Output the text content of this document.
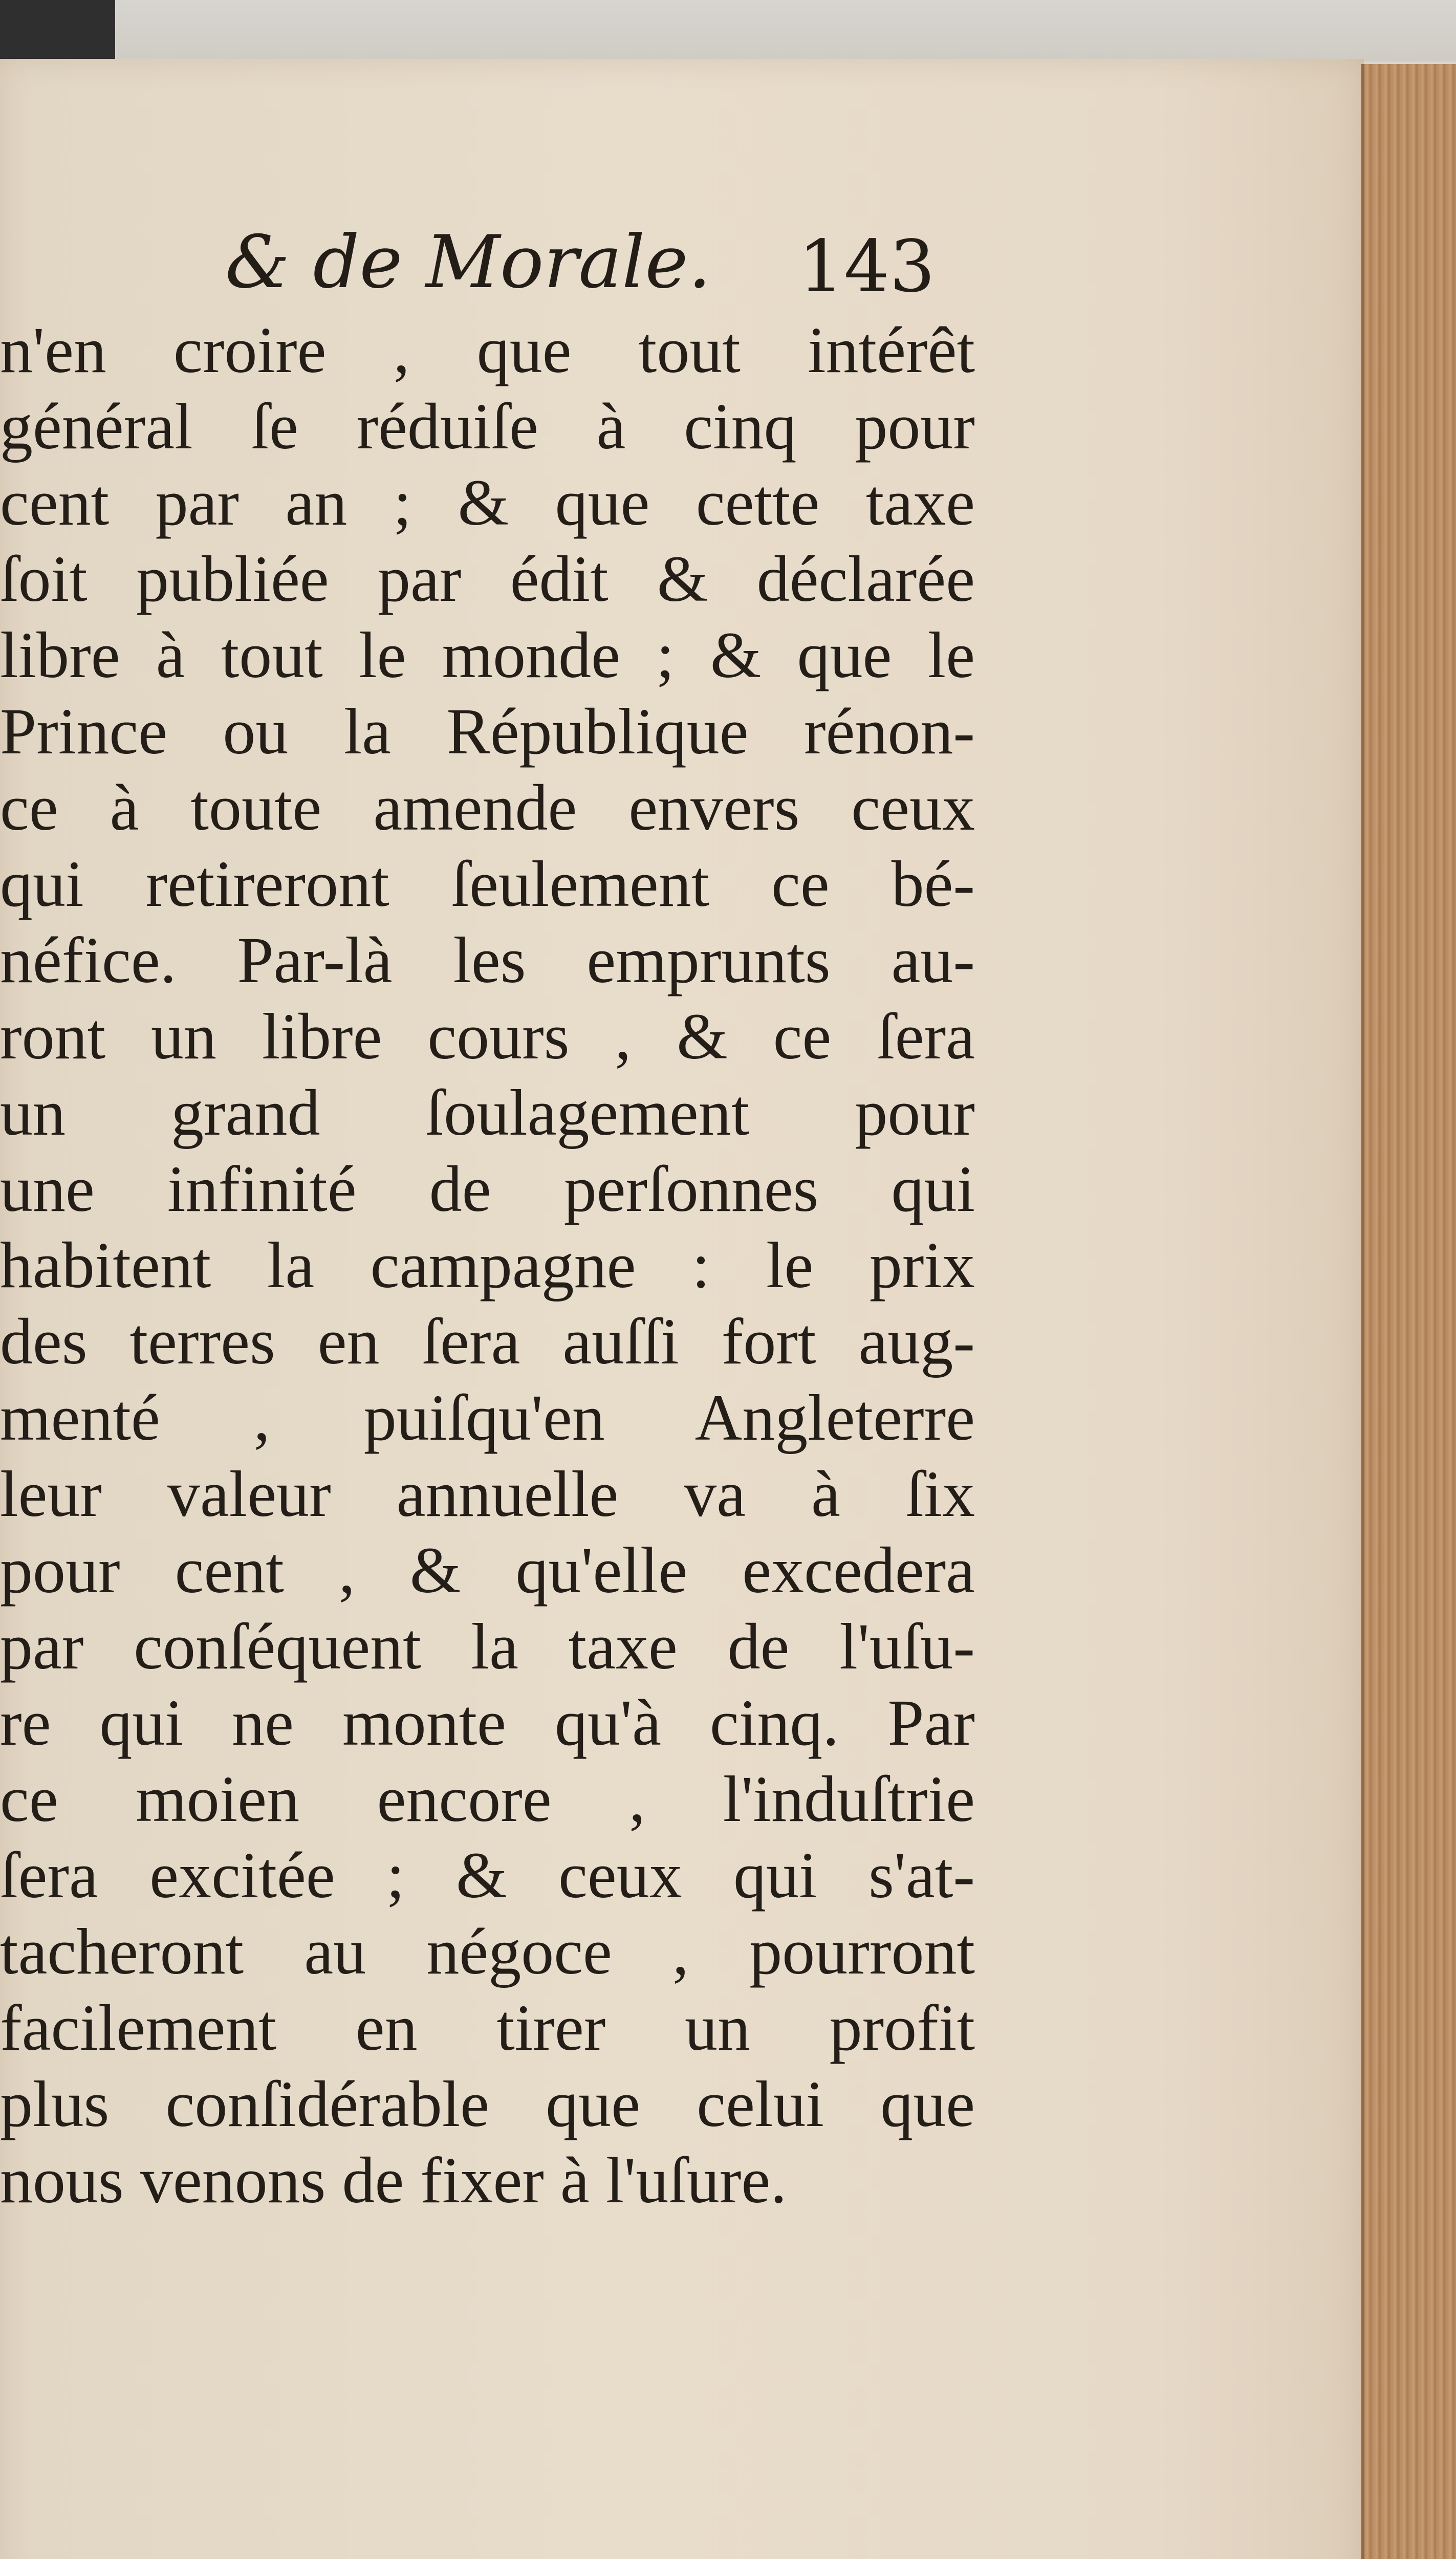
& de Morale. 143
n'en croire , que tout intérêt
général ſe réduiſe à cinq pour
cent par an ; & que cette taxe
ſoit publiée par édit & déclarée
libre à tout le monde ; & que le
Prince ou la République rénon-
ce à toute amende envers ceux
qui retireront ſeulement ce bé-
néfice. Par-là les emprunts au-
ront un libre cours , & ce ſera
un grand ſoulagement pour
une infinité de perſonnes qui
habitent la campagne : le prix
des terres en ſera auſſi fort aug-
menté , puiſqu'en Angleterre
leur valeur annuelle va à ſix
pour cent , & qu'elle excedera
par conſéquent la taxe de l'uſu-
re qui ne monte qu'à cinq. Par
ce moien encore , l'induſtrie
ſera excitée ; & ceux qui s'at-
tacheront au négoce , pourront
facilement en tirer un profit
plus conſidérable que celui que
nous venons de fixer à l'uſure.
